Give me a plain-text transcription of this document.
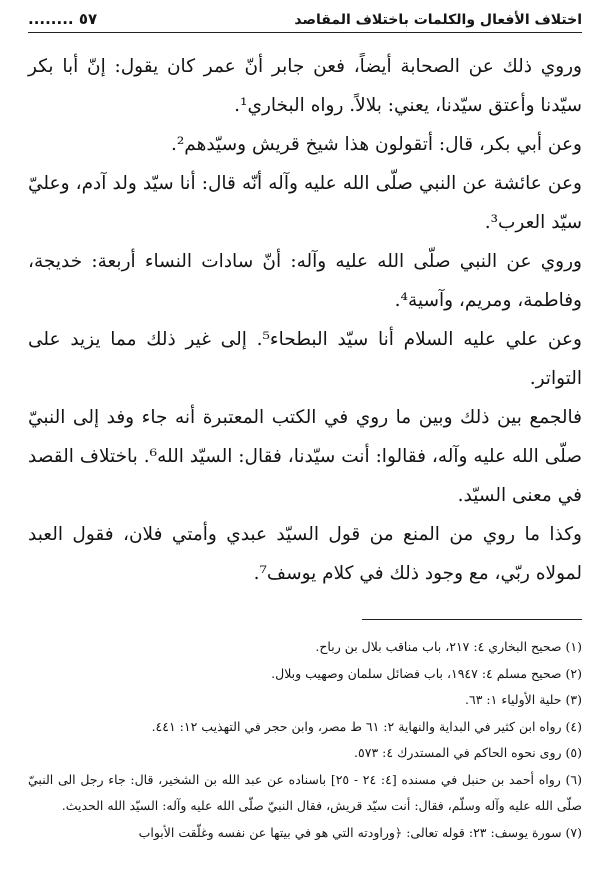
اختلاف الأفعال والكلمات باختلاف المقاصد
........ ٥٧

وروي ذلك عن الصحابة أيضاً، فعن جابر أنّ عمر كان يقول: إنّ أبا بكر سيّدنا وأعتق سيّدنا، يعني: بلالاً. رواه البخاري¹.

وعن أبي بكر، قال: أتقولون هذا شيخ قريش وسيّدهم².

وعن عائشة عن النبي صلّى الله عليه وآله أنّه قال: أنا سيّد ولد آدم، وعليّ سيّد العرب³.

وروي عن النبي صلّى الله عليه وآله: أنّ سادات النساء أربعة: خديجة، وفاطمة، ومريم، وآسية⁴.

وعن علي عليه السلام أنا سيّد البطحاء⁵. إلى غير ذلك مما يزيد على التواتر.

فالجمع بين ذلك وبين ما روي في الكتب المعتبرة أنه جاء وفد إلى النبيّ صلّى الله عليه وآله، فقالوا: أنت سيّدنا، فقال: السيّد الله⁶. باختلاف القصد في معنى السيّد.

وكذا ما روي من المنع من قول السيّد عبدي وأمتي فلان، فقول العبد لمولاه ربّي، مع وجود ذلك في كلام يوسف⁷.

(١) صحيح البخاري ٤: ٢١٧، باب مناقب بلال بن رباح.

(٢) صحيح مسلم ٤: ١٩٤٧، باب فضائل سلمان وصهيب وبلال.

(٣) حلية الأولياء ١: ٦٣.

(٤) رواه ابن كثير في البداية والنهاية ٢: ٦١ ط مصر، وابن حجر في التهذيب ١٢: ٤٤١.

(٥) روى نحوه الحاكم في المستدرك ٤: ٥٧٣.

(٦) رواه أحمد بن حنبل في مسنده [٤: ٢٤ - ٢٥] باسناده عن عبد الله بن الشخير، قال: جاء رجل الى النبيّ صلّى الله عليه وآله وسلّم، فقال: أنت سيّد قريش، فقال النبيّ صلّى الله عليه وآله: السيّد الله الحديث.

(٧) سورة يوسف: ٢٣: قوله تعالى: ﴿وراودته التي هو في بيتها عن نفسه وغلّقت الأبواب
